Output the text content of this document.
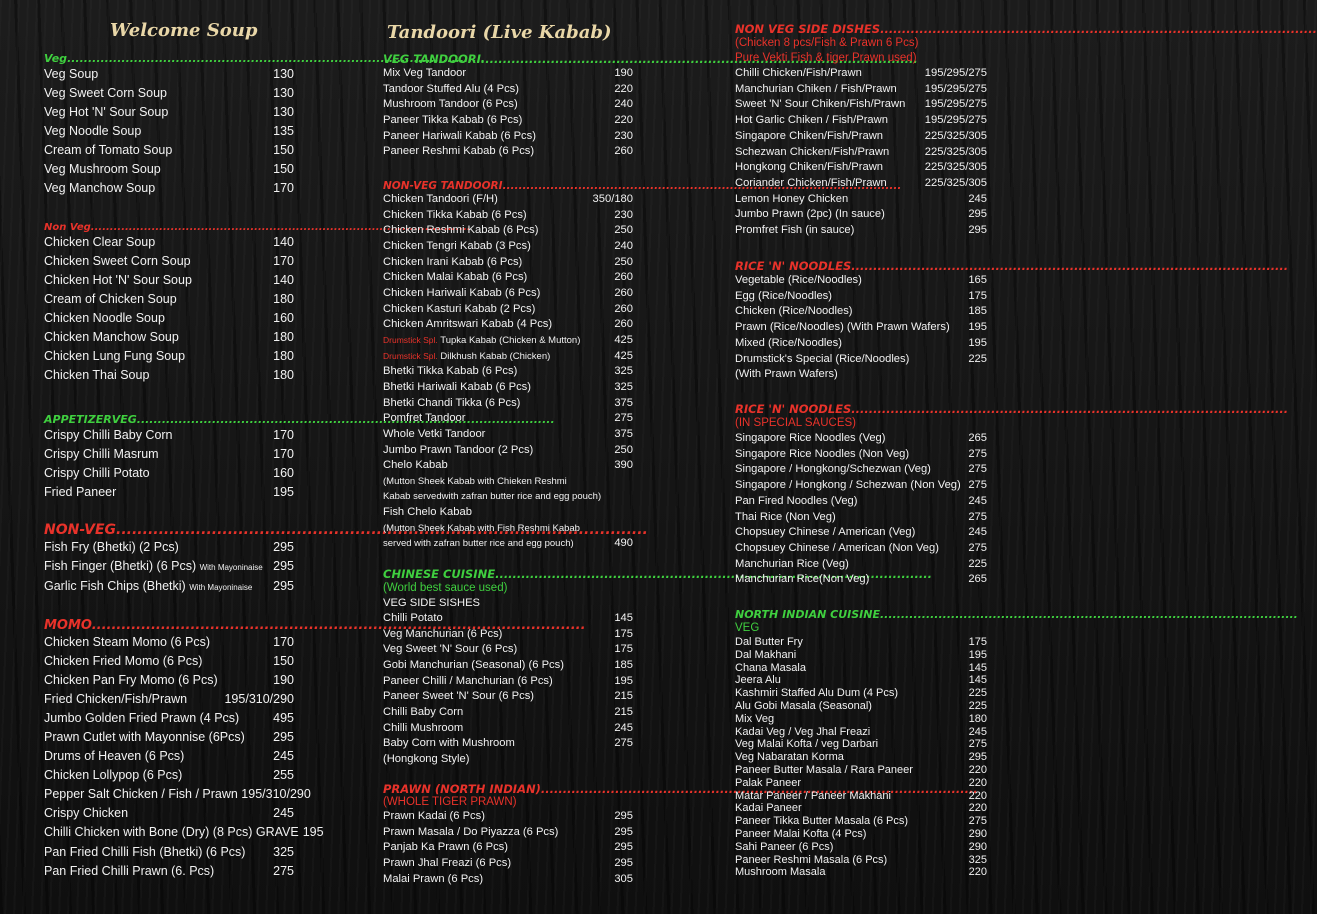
Welcome Soup
Veg .....
Veg Soup	130
Veg Sweet Corn Soup	130
Veg Hot 'N' Sour Soup	130
Veg Noodle Soup	135
Cream of Tomato Soup	150
Veg Mushroom Soup	150
Veg Manchow Soup	170
Non Veg .....
Chicken Clear Soup	140
Chicken Sweet Corn Soup	170
Chicken Hot 'N' Sour Soup	140
Cream of Chicken Soup	180
Chicken Noodle Soup	160
Chicken Manchow Soup	180
Chicken Lung Fung Soup	180
Chicken Thai Soup	180
APPETIZERVEG .....
Crispy Chilli Baby Corn	170
Crispy Chilli Masrum	170
Crispy Chilli Potato	160
Fried Paneer	195
NON-VEG .....
Fish Fry (Bhetki) (2 Pcs)	295
Fish Finger (Bhetki) (6 Pcs) With Mayoninaise 295
Garlic Fish Chips (Bhetki) With Mayoninaise 295
MOMO .....
Chicken Steam Momo (6 Pcs)	170
Chicken Fried Momo (6 Pcs)	150
Chicken Pan Fry Momo (6 Pcs)	190
Fried Chicken/Fish/Prawn	195/310/290
Jumbo Golden Fried Prawn (4 Pcs)	495
Prawn Cutlet with Mayonnise (6Pcs) 295
Drums of Heaven (6 Pcs)	245
Chicken Lollypop (6 Pcs)	255
Pepper Salt Chicken / Fish / Prawn 195/310/290
Crispy Chicken	245
Chilli Chicken with Bone (Dry) (8 Pcs) GRAVE 195
Pan Fried Chilli Fish (Bhetki) (6 Pcs) 325
Pan Fried Chilli Prawn (6. Pcs)	275
Tandoori (Live Kabab)
VEG TANDOORI .....
Mix Veg Tandoor	190
Tandoor Stuffed Alu (4 Pcs)	220
Mushroom Tandoor (6 Pcs)	240
Paneer Tikka Kabab (6 Pcs)	220
Paneer Hariwali Kabab (6 Pcs)	230
Paneer Reshmi Kabab (6 Pcs)	260
NON-VEG TANDOORI .....
Chicken Tandoori (F/H)	350/180
Chicken Tikka Kabab (6 Pcs)	230
Chicken Reshmi Kabab (6 Pcs)	250
Chicken Tengri Kabab (3 Pcs)	240
Chicken Irani Kabab (6 Pcs)	250
Chicken Malai Kabab (6 Pcs)	260
Chicken Hariwali Kabab (6 Pcs)	260
Chicken Kasturi Kabab (2 Pcs)	260
Chicken Amritswari Kabab (4 Pcs)	260
Drumstick Spl. Tupka Kabab (Chicken & Mutton)	425
Drumstick Spl. Dilkhush Kabab (Chicken)	425
Bhetki Tikka Kabab (6 Pcs)	325
Bhetki Hariwali Kabab (6 Pcs)	325
Bhetki Chandi Tikka (6 Pcs)	375
Pomfret Tandoor	275
Whole Vetki Tandoor	375
Jumbo Prawn Tandoor (2 Pcs)	250
Chelo Kabab	390
(Mutton Sheek Kabab with Chieken Reshmi
Kabab servedwith zafran butter rice and egg pouch)
Fish Chelo Kabab
(Mutton Sheek Kabab with Fish Reshmi Kabab
served with zafran butter rice and egg pouch)	490
CHINESE CUISINE .....
(World best sauce used)
VEG SIDE SISHES
Chilli Potato	145
Veg Manchurian (6 Pcs)	175
Veg Sweet 'N' Sour (6 Pcs)	175
Gobi Manchurian (Seasonal) (6 Pcs)	185
Paneer Chilli / Manchurian (6 Pcs)	195
Paneer Sweet 'N' Sour (6 Pcs)	215
Chilli Baby Corn	215
Chilli Mushroom	245
Baby Corn with Mushroom	275
(Hongkong Style)
PRAWN (NORTH INDIAN) .....
(WHOLE TIGER PRAWN)
Prawn Kadai (6 Pcs)	295
Prawn Masala / Do Piyazza (6 Pcs)	295
Panjab Ka Prawn (6 Pcs)	295
Prawn Jhal Freazi (6 Pcs)	295
Malai Prawn (6 Pcs)	305
NON VEG SIDE DISHES .....
(Chicken 8 pcs/Fish & Prawn 6 Pcs)
Pure Vekti Fish & tiger Prawn used)
Chilli Chicken/Fish/Prawn	195/295/275
Manchurian Chiken / Fish/Prawn	195/295/275
Sweet 'N' Sour Chiken/Fish/Prawn 195/295/275
Hot Garlic Chiken / Fish/Prawn	195/295/275
Singapore Chiken/Fish/Prawn	225/325/305
Schezwan Chicken/Fish/Prawn	225/325/305
Hongkong Chiken/Fish/Prawn	225/325/305
Coriander Chicken/Fish/Prawn	225/325/305
Lemon Honey Chicken	245
Jumbo Prawn (2pc) (In sauce)	295
Promfret Fish (in sauce)	295
RICE 'N' NOODLES .....
Vegetable (Rice/Noodles)	165
Egg (Rice/Noodles)	175
Chicken (Rice/Noodles)	185
Prawn (Rice/Noodles) (With Prawn Wafers) 195
Mixed (Rice/Noodles)	195
Drumstick's Special (Rice/Noodles)	225
(With Prawn Wafers)
RICE 'N' NOODLES .....
(IN SPECIAL SAUCES)
Singapore Rice Noodles (Veg)	265
Singapore Rice Noodles (Non Veg)	275
Singapore / Hongkong/Schezwan (Veg)	275
Singapore / Hongkong / Schezwan (Non Veg) 275
Pan Fired Noodles (Veg)	245
Thai Rice (Non Veg)	275
Chopsuey Chinese / American (Veg)	245
Chopsuey Chinese / American (Non Veg)	275
Manchurian Rice (Veg)	225
Manchurian Rice(Non Veg)	265
NORTH INDIAN CUISINE .....
VEG
Dal Butter Fry	175
Dal Makhani	195
Chana Masala	145
Jeera Alu	145
Kashmiri Staffed Alu Dum (4 Pcs)	225
Alu Gobi Masala (Seasonal)	225
Mix Veg	180
Kadai Veg / Veg Jhal Freazi	245
Veg Malai Kofta / veg Darbari	275
Veg Nabaratan Korma	295
Paneer Butter Masala / Rara Paneer	220
Palak Paneer	220
Matar Paneer / Paneer Makhani	220
Kadai Paneer	220
Paneer Tikka Butter Masala (6 Pcs)	275
Paneer Malai Kofta (4 Pcs)	290
Sahi Paneer (6 Pcs)	290
Paneer Reshmi Masala (6 Pcs)	325
Mushroom Masala	220
